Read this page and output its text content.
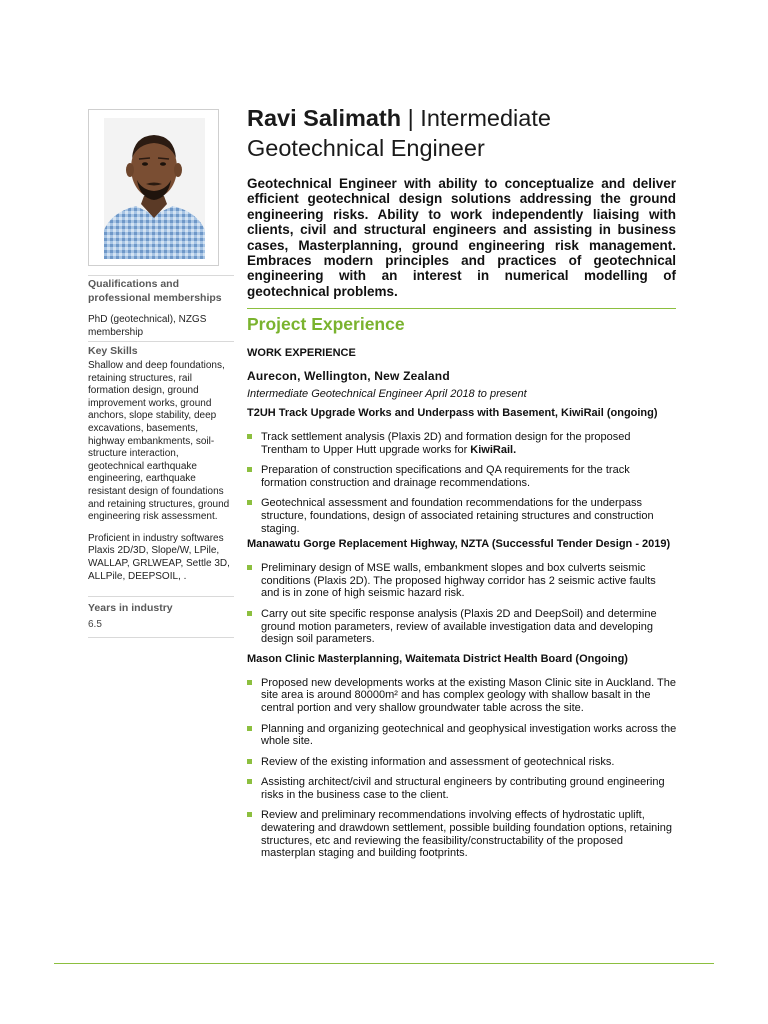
Ravi Salimath | Intermediate
Geotechnical Engineer
Geotechnical Engineer with ability to conceptualize and deliver efficient geotechnical design solutions addressing the ground engineering risks. Ability to work independently liaising with clients, civil and structural engineers and assisting in business cases, Masterplanning, ground engineering risk management. Embraces modern principles and practices of geotechnical engineering with an interest in numerical modelling of geotechnical problems.
Qualifications and professional memberships
PhD (geotechnical), NZGS membership
Key Skills
Shallow and deep foundations, retaining structures, rail formation design, ground improvement works, ground anchors, slope stability, deep excavations, basements, highway embankments, soil-structure interaction, geotechnical earthquake engineering, earthquake resistant design of foundations and retaining structures, ground engineering risk assessment.
Proficient in industry softwares Plaxis 2D/3D, Slope/W, LPile, WALLAP, GRLWEAP, Settle 3D, ALLPile, DEEPSOIL, .
Years in industry
6.5
Project Experience
WORK EXPERIENCE
Aurecon, Wellington, New Zealand
Intermediate Geotechnical Engineer April 2018 to present
T2UH Track Upgrade Works and Underpass with Basement, KiwiRail (ongoing)
Track settlement analysis (Plaxis 2D) and formation design for the proposed Trentham to Upper Hutt upgrade works for KiwiRail.
Preparation of construction specifications and QA requirements for the track formation construction and drainage recommendations.
Geotechnical assessment and foundation recommendations for the underpass structure, foundations, design of associated retaining structures and construction staging.
Manawatu Gorge Replacement Highway, NZTA (Successful Tender Design - 2019)
Preliminary design of MSE walls, embankment slopes and box culverts seismic conditions (Plaxis 2D). The proposed highway corridor has 2 seismic active faults and is in zone of high seismic hazard risk.
Carry out site specific response analysis (Plaxis 2D and DeepSoil) and determine ground motion parameters, review of available investigation data and developing design soil parameters.
Mason Clinic Masterplanning, Waitemata District Health Board (Ongoing)
Proposed new developments works at the existing Mason Clinic site in Auckland. The site area is around 80000m² and has complex geology with shallow basalt in the central portion and very shallow groundwater table across the site.
Planning and organizing geotechnical and geophysical investigation works across the whole site.
Review of the existing information and assessment of geotechnical risks.
Assisting architect/civil and structural engineers by contributing ground engineering risks in the business case to the client.
Review and preliminary recommendations involving effects of hydrostatic uplift, dewatering and drawdown settlement, possible building foundation options, retaining structures, etc and reviewing the feasibility/constructability of the proposed masterplan staging and building footprints.
